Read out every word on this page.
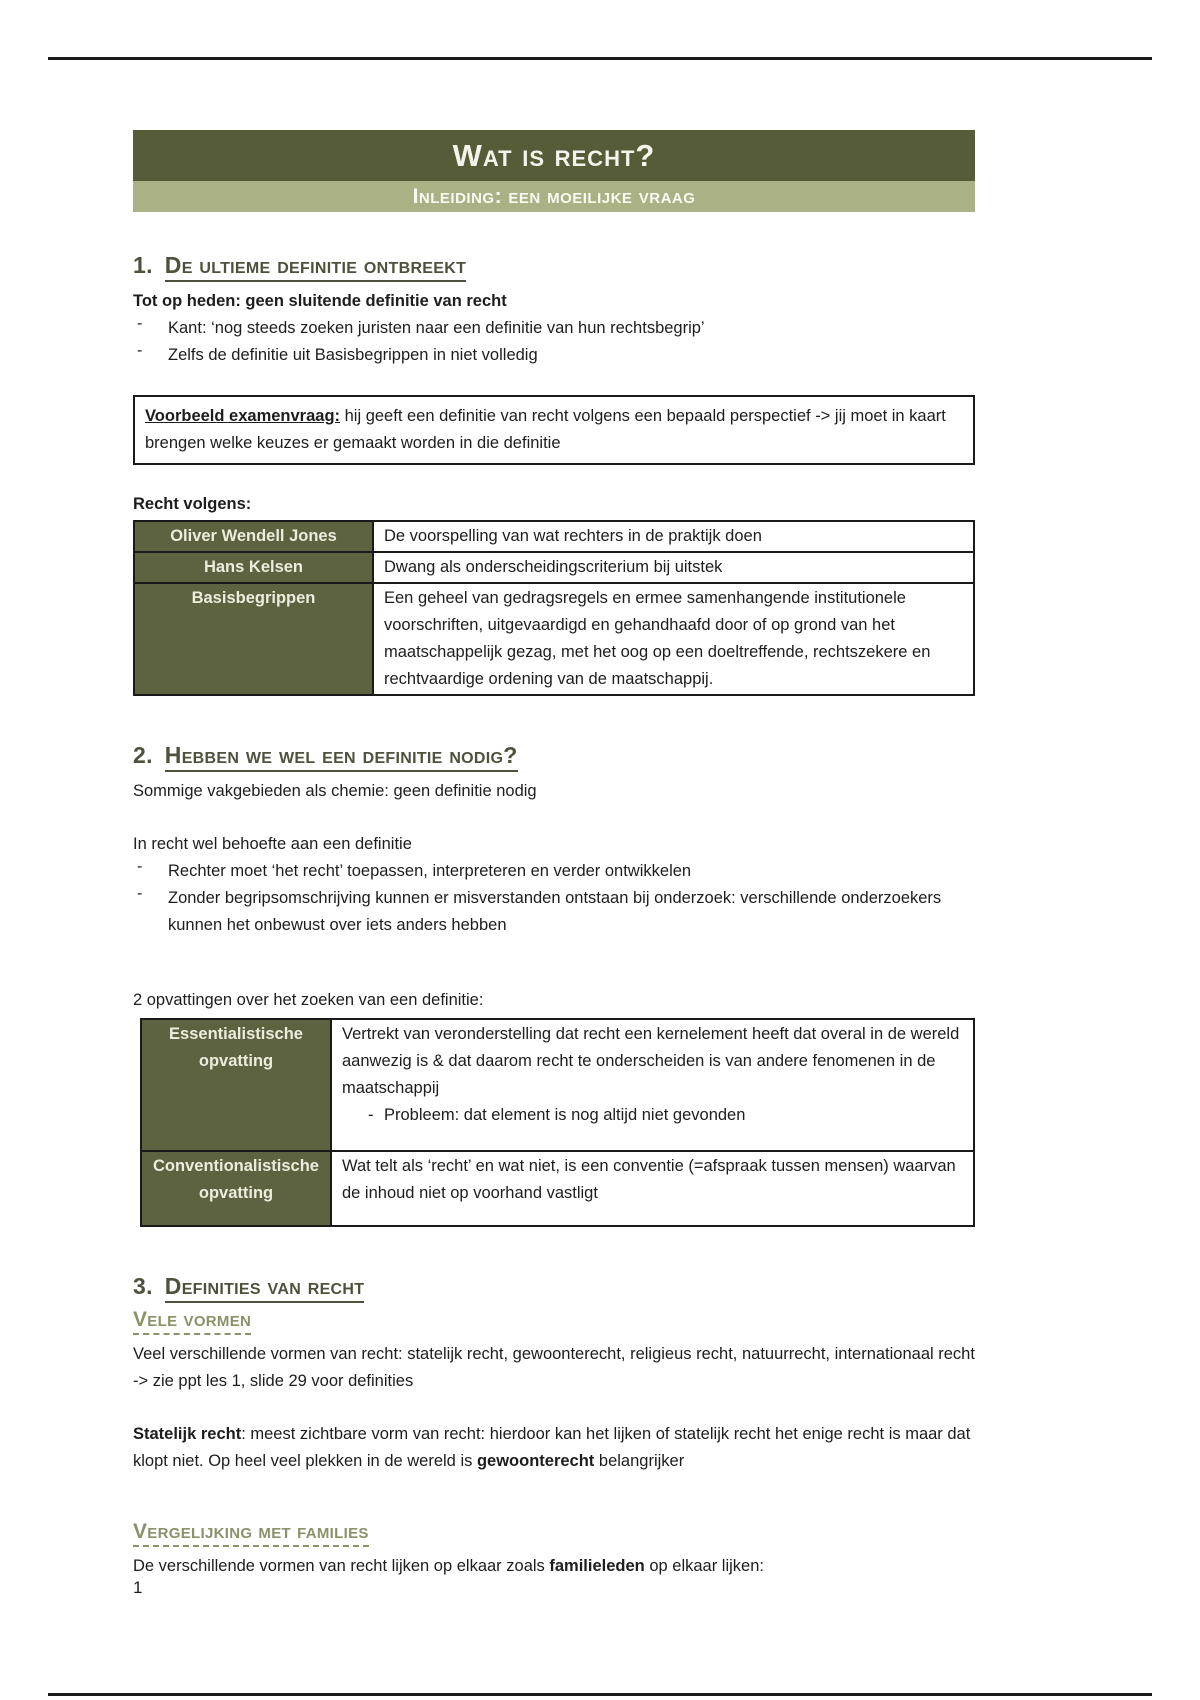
Wat is recht?
Inleiding: een moeilijke vraag
1. De ultieme definitie ontbreekt

Tot op heden: geen sluitende definitie van recht

-	Kant: ‘nog steeds zoeken juristen naar een definitie van hun rechtsbegrip’
-	Zelfs de definitie uit Basisbegrippen in niet volledig
Voorbeeld examenvraag: hij geeft een definitie van recht volgens een bepaald perspectief -> jij moet in kaart brengen welke keuzes er gemaakt worden in die definitie

Recht volgens:

Oliver Wendell Jones	De voorspelling van wat rechters in de praktijk doen
Hans Kelsen	Dwang als onderscheidingscriterium bij uitstek
Basisbegrippen	Een geheel van gedragsregels en ermee samenhangende institutionele voorschriften, uitgevaardigd en gehandhaafd door of op grond van het maatschappelijk gezag, met het oog op een doeltreffende, rechtszekere en rechtvaardige ordening van de maatschappij.
2. Hebben we wel een definitie nodig?

Sommige vakgebieden als chemie: geen definitie nodig

In recht wel behoefte aan een definitie

-	Rechter moet ‘het recht’ toepassen, interpreteren en verder ontwikkelen
-	Zonder begripsomschrijving kunnen er misverstanden ontstaan bij onderzoek: verschillende onderzoekers kunnen het onbewust over iets anders hebben

2 opvattingen over het zoeken van een definitie:

Essentialistische opvatting	Vertrekt van veronderstelling dat recht een kernelement heeft dat overal in de wereld aanwezig is & dat daarom recht te onderscheiden is van andere fenomenen in de maatschappij
- Probleem: dat element is nog altijd niet gevonden

Conventionalistische opvatting	Wat telt als ‘recht’ en wat niet, is een conventie (=afspraak tussen mensen) waarvan de inhoud niet op voorhand vastligt
3. Definities van recht
Vele vormen

Veel verschillende vormen van recht: statelijk recht, gewoonterecht, religieus recht, natuurrecht, internationaal recht -> zie ppt les 1, slide 29 voor definities

Statelijk recht: meest zichtbare vorm van recht: hierdoor kan het lijken of statelijk recht het enige recht is maar dat klopt niet. Op heel veel plekken in de wereld is gewoonterecht belangrijker

Vergelijking met families

De verschillende vormen van recht lijken op elkaar zoals familieleden op elkaar lijken:

1
